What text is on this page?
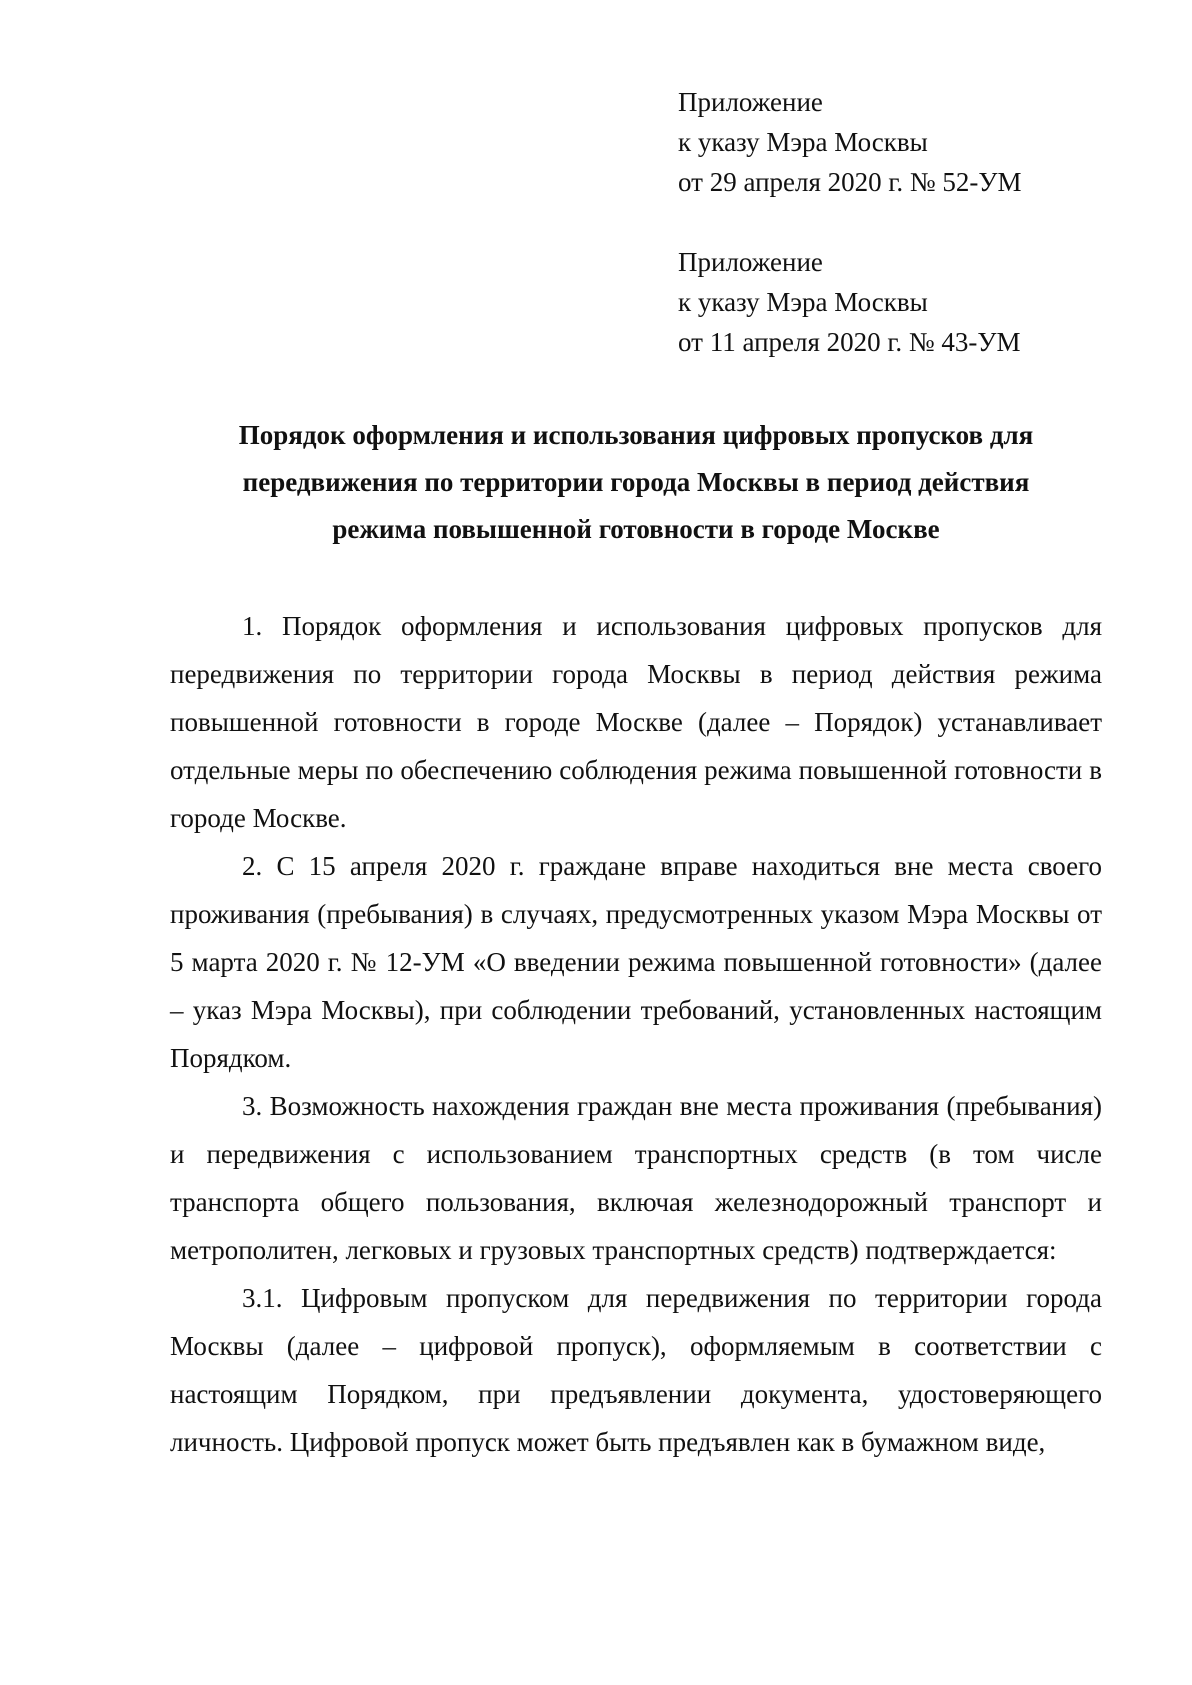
Приложение
к указу Мэра Москвы
от 29 апреля 2020 г. № 52-УМ
Приложение
к указу Мэра Москвы
от 11 апреля 2020 г. № 43-УМ
Порядок оформления и использования цифровых пропусков для
передвижения по территории города Москвы в период действия
режима повышенной готовности в городе Москве

1. Порядок оформления и использования цифровых пропусков для передвижения по территории города Москвы в период действия режима повышенной готовности в городе Москве (далее – Порядок) устанавливает отдельные меры по обеспечению соблюдения режима повышенной готовности в городе Москве.

2. С 15 апреля 2020 г. граждане вправе находиться вне места своего проживания (пребывания) в случаях, предусмотренных указом Мэра Москвы от 5 марта 2020 г. № 12-УМ «О введении режима повышенной готовности» (далее – указ Мэра Москвы), при соблюдении требований, установленных настоящим Порядком.

3. Возможность нахождения граждан вне места проживания (пребывания) и передвижения с использованием транспортных средств (в том числе транспорта общего пользования, включая железнодорожный транспорт и метрополитен, легковых и грузовых транспортных средств) подтверждается:

3.1. Цифровым пропуском для передвижения по территории города Москвы (далее – цифровой пропуск), оформляемым в соответствии с настоящим Порядком, при предъявлении документа, удостоверяющего личность. Цифровой пропуск может быть предъявлен как в бумажном виде,
